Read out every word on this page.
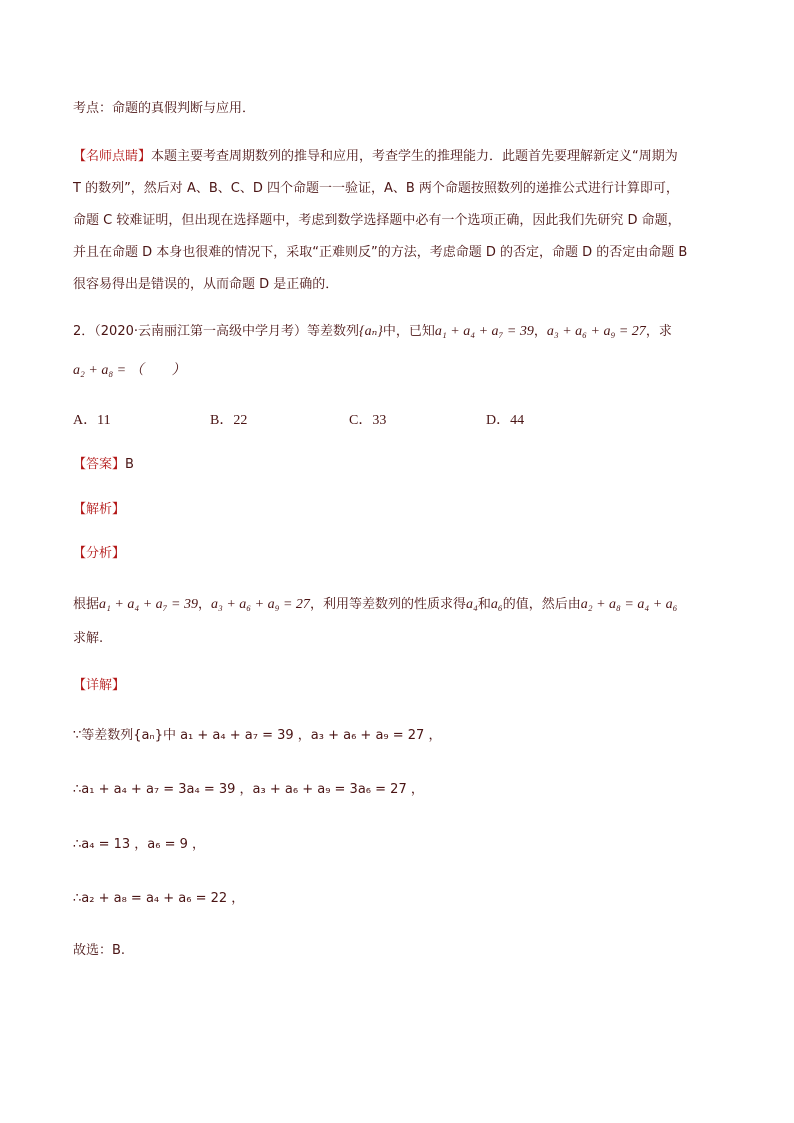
考点：命题的真假判断与应用．
【名师点睛】本题主要考查周期数列的推导和应用，考查学生的推理能力．此题首先要理解新定义“周期为
T 的数列”，然后对 A、B、C、D 四个命题一一验证，A、B 两个命题按照数列的递推公式进行计算即可，
命题 C 较难证明，但出现在选择题中，考虑到数学选择题中必有一个选项正确，因此我们先研究 D 命题，
并且在命题 D 本身也很难的情况下，采取“正难则反”的方法，考虑命题 D 的否定，命题 D 的否定由命题 B
很容易得出是错误的，从而命题 D 是正确的．
2．（2020·云南丽江第一高级中学月考）等差数列{aₙ}中，已知a₁ + a₄ + a₇ = 39，a₃ + a₆ + a₉ = 27，求
a₂ + a₈ = （　　）
A．11	B．22	C．33	D．44
【答案】B
【解析】
【分析】
根据a₁ + a₄ + a₇ = 39，a₃ + a₆ + a₉ = 27，利用等差数列的性质求得a₄和a₆的值，然后由a₂ + a₈ = a₄ + a₆
求解.
【详解】
∵等差数列{aₙ}中 a₁ + a₄ + a₇ = 39 ，a₃ + a₆ + a₉ = 27 ，
∴a₁ + a₄ + a₇ = 3a₄ = 39 ，a₃ + a₆ + a₉ = 3a₆ = 27 ，
∴a₄ = 13 ，a₆ = 9 ，
∴a₂ + a₈ = a₄ + a₆ = 22 ，
故选：B.
